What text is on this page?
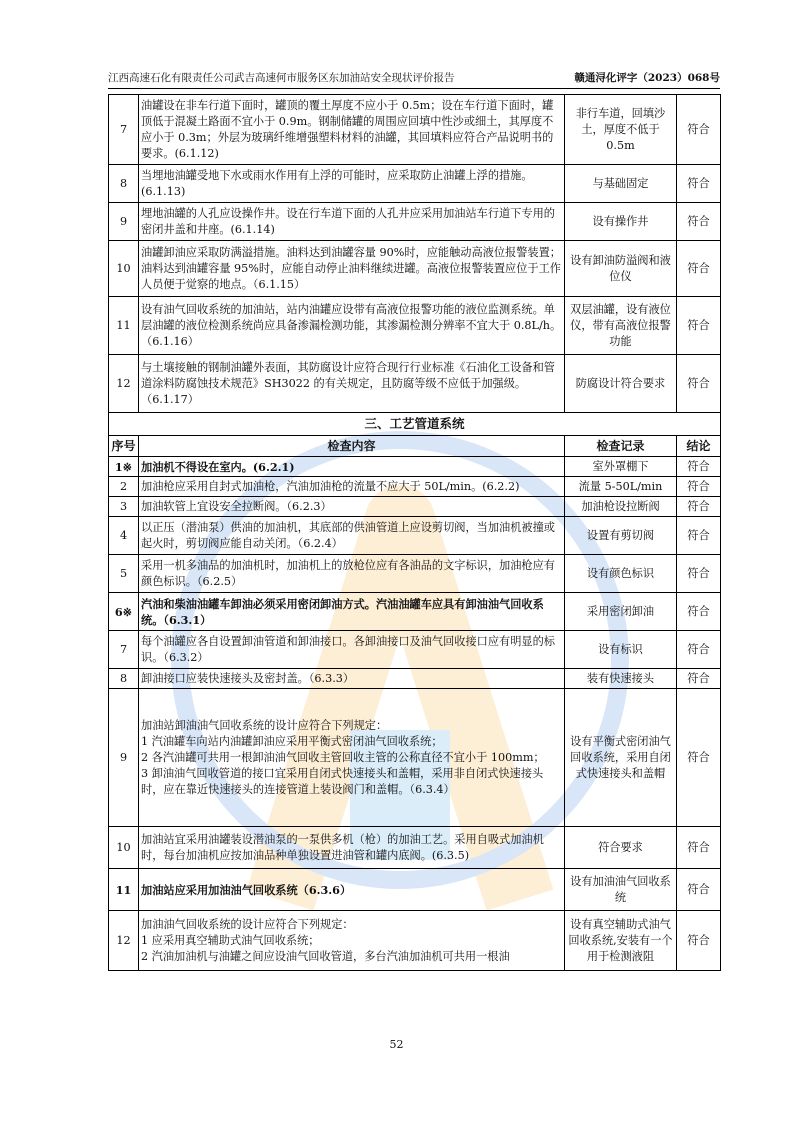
江西高速石化有限责任公司武吉高速何市服务区东加油站安全现状评价报告	赣通浔化评字（2023）068号
7	油罐设在非车行道下面时，罐顶的覆土厚度不应小于 0.5m；设在车行道下面时，罐顶低于混凝土路面不宜小于 0.9m。钢制储罐的周围应回填中性沙或细土，其厚度不应小于 0.3m；外层为玻璃纤维增强塑料材料的油罐，其回填料应符合产品说明书的要求。(6.1.12)	非行车道，回填沙土，厚度不低于 0.5m	符合
8	当埋地油罐受地下水或雨水作用有上浮的可能时，应采取防止油罐上浮的措施。(6.1.13)	与基础固定	符合
9	埋地油罐的人孔应设操作井。设在行车道下面的人孔井应采用加油站车行道下专用的密闭井盖和井座。(6.1.14)	设有操作井	符合
10	油罐卸油应采取防满溢措施。油料达到油罐容量 90%时，应能触动高液位报警装置；油料达到油罐容量 95%时，应能自动停止油料继续进罐。高液位报警装置应位于工作人员便于觉察的地点。（6.1.15）	设有卸油防溢阀和液位仪	符合
11	设有油气回收系统的加油站，站内油罐应设带有高液位报警功能的液位监测系统。单层油罐的液位检测系统尚应具备渗漏检测功能，其渗漏检测分辨率不宜大于 0.8L/h。（6.1.16）	双层油罐，设有液位仪，带有高液位报警功能	符合
12	与土壤接触的钢制油罐外表面，其防腐设计应符合现行行业标准《石油化工设备和管道涂料防腐蚀技术规范》SH3022 的有关规定，且防腐等级不应低于加强级。（6.1.17）	防腐设计符合要求	符合
三、工艺管道系统			
序号	检查内容	检查记录	结论
1※	加油机不得设在室内。(6.2.1)	室外罩棚下	符合
2	加油枪应采用自封式加油枪，汽油加油枪的流量不应大于 50L/min。(6.2.2)	流量 5-50L/min	符合
3	加油软管上宜设安全拉断阀。（6.2.3）	加油枪设拉断阀	符合
4	以正压（潜油泵）供油的加油机，其底部的供油管道上应设剪切阀，当加油机被撞或起火时，剪切阀应能自动关闭。（6.2.4）	设置有剪切阀	符合
5	采用一机多油品的加油机时，加油机上的放枪位应有各油品的文字标识，加油枪应有颜色标识。（6.2.5）	设有颜色标识	符合
6※	汽油和柴油油罐车卸油必须采用密闭卸油方式。汽油油罐车应具有卸油油气回收系统。（6.3.1）	采用密闭卸油	符合
7	每个油罐应各自设置卸油管道和卸油接口。各卸油接口及油气回收接口应有明显的标识。（6.3.2）	设有标识	符合
8	卸油接口应装快速接头及密封盖。（6.3.3）	装有快速接头	符合
9	加油站卸油油气回收系统的设计应符合下列规定：
1 汽油罐车向站内油罐卸油应采用平衡式密闭油气回收系统；
2 各汽油罐可共用一根卸油油气回收主管回收主管的公称直径不宜小于 100mm；
3 卸油油气回收管道的接口宜采用自闭式快速接头和盖帽，采用非自闭式快速接头时，应在靠近快速接头的连接管道上装设阀门和盖帽。（6.3.4）	设有平衡式密闭油气回收系统，采用自闭式快速接头和盖帽	符合
10	加油站宜采用油罐装设潜油泵的一泵供多机（枪）的加油工艺。采用自吸式加油机时，每台加油机应按加油品种单独设置进油管和罐内底阀。(6.3.5)	符合要求	符合
11	加油站应采用加油油气回收系统（6.3.6）	设有加油油气回收系统	符合
12	加油油气回收系统的设计应符合下列规定：
1 应采用真空辅助式油气回收系统；
2 汽油加油机与油罐之间应设油气回收管道，多台汽油加油机可共用一根油	设有真空辅助式油气回收系统,安装有一个用于检测液阻	符合
52
